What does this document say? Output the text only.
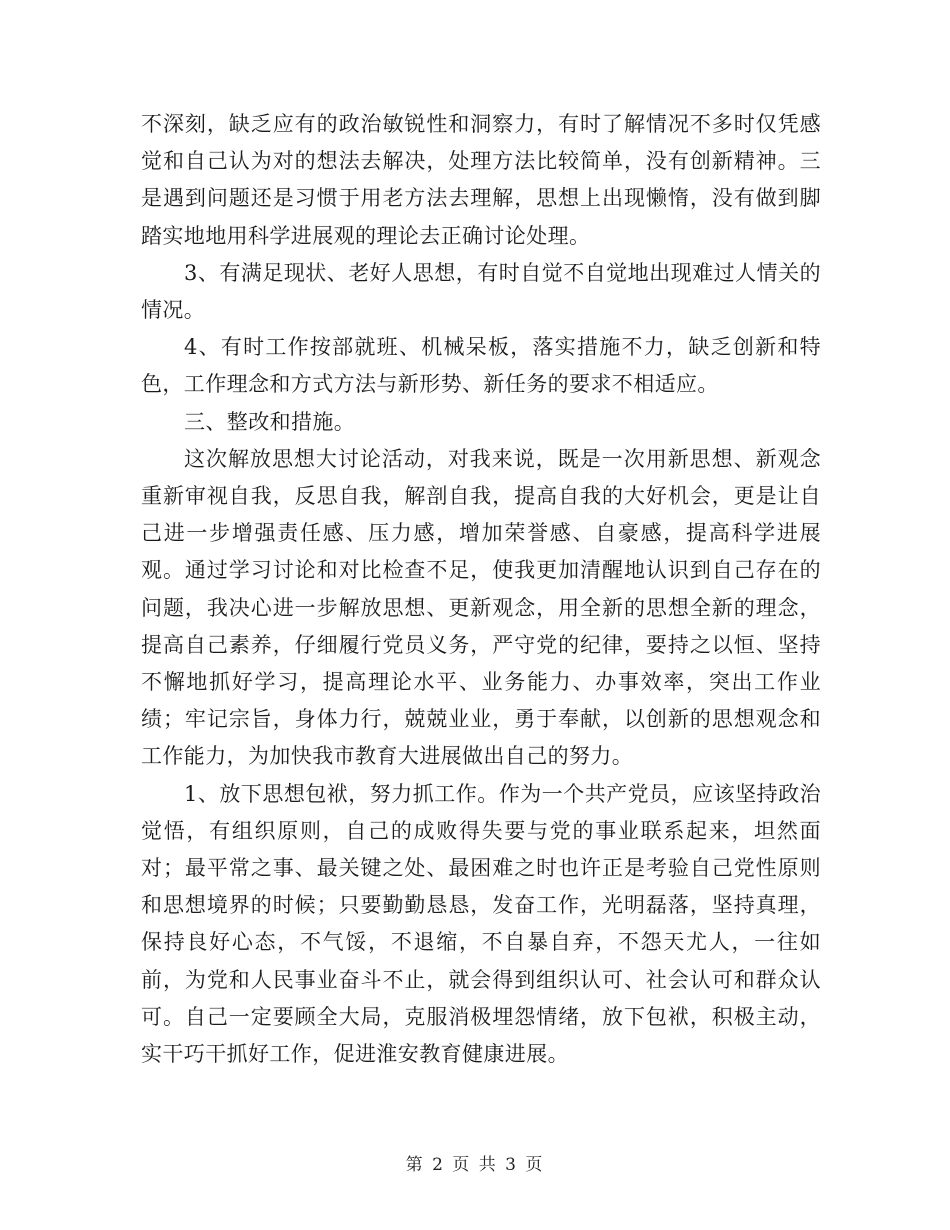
不深刻，缺乏应有的政治敏锐性和洞察力，有时了解情况不多时仅凭感觉和自己认为对的想法去解决，处理方法比较简单，没有创新精神。三是遇到问题还是习惯于用老方法去理解，思想上出现懒惰，没有做到脚踏实地地用科学进展观的理论去正确讨论处理。

3、有满足现状、老好人思想，有时自觉不自觉地出现难过人情关的情况。

4、有时工作按部就班、机械呆板，落实措施不力，缺乏创新和特色，工作理念和方式方法与新形势、新任务的要求不相适应。

三、整改和措施。

这次解放思想大讨论活动，对我来说，既是一次用新思想、新观念重新审视自我，反思自我，解剖自我，提高自我的大好机会，更是让自己进一步增强责任感、压力感，增加荣誉感、自豪感，提高科学进展观。通过学习讨论和对比检查不足，使我更加清醒地认识到自己存在的问题，我决心进一步解放思想、更新观念，用全新的思想全新的理念，提高自己素养，仔细履行党员义务，严守党的纪律，要持之以恒、坚持不懈地抓好学习，提高理论水平、业务能力、办事效率，突出工作业绩；牢记宗旨，身体力行，兢兢业业，勇于奉献，以创新的思想观念和工作能力，为加快我市教育大进展做出自己的努力。

1、放下思想包袱，努力抓工作。作为一个共产党员，应该坚持政治觉悟，有组织原则，自己的成败得失要与党的事业联系起来，坦然面对；最平常之事、最关键之处、最困难之时也许正是考验自己党性原则和思想境界的时候；只要勤勤恳恳，发奋工作，光明磊落，坚持真理，保持良好心态，不气馁，不退缩，不自暴自弃，不怨天尤人，一往如前，为党和人民事业奋斗不止，就会得到组织认可、社会认可和群众认可。自己一定要顾全大局，克服消极埋怨情绪，放下包袱，积极主动，实干巧干抓好工作，促进淮安教育健康进展。

第 2 页 共 3 页
